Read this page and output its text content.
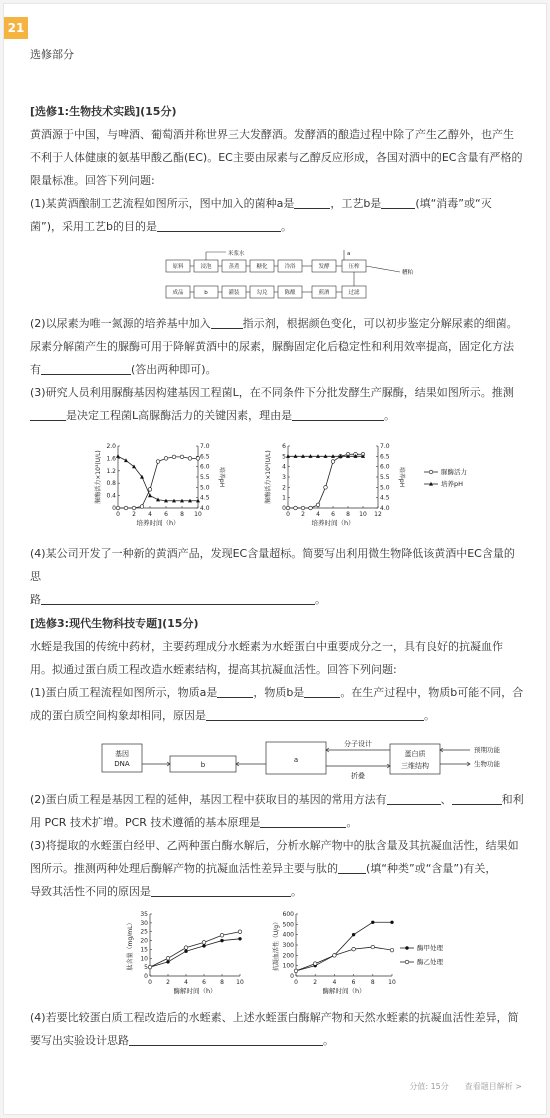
21
选修部分

[选修1:生物技术实践](15分)

黄酒源于中国，与啤酒、葡萄酒并称世界三大发酵酒。发酵酒的酿造过程中除了产生乙醇外，也产生

不利于人体健康的氨基甲酸乙酯(EC)。EC主要由尿素与乙醇反应形成，各国对酒中的EC含量有严格的

限量标准。回答下列问题:

(1)某黄酒酿制工艺流程如图所示，图中加入的菌种a是	，工艺b是	(填“消毒”或“灭

菌”)，采用工艺b的目的是	。

原料	浸泡	蒸煮	糖化	冷浴	发酵	压榨
成品	b	灌装	勾兑	陈酿	煎酒	过滤
米浆水	a
糟粕

(2)以尿素为唯一氮源的培养基中加入	指示剂，根据颜色变化，可以初步鉴定分解尿素的细菌。

尿素分解菌产生的脲酶可用于降解黄酒中的尿素，脲酶固定化后稳定性和利用效率提高，固定化方法

有	(答出两种即可)。

(3)研究人员利用脲酶基因构建基因工程菌L，在不同条件下分批发酵生产脲酶，结果如图所示。推测

是决定工程菌L高脲酶活力的关键因素，理由是	。

2.0
1.6
1.2
0.8
0.4
0
7.0
6.5
6.0
5.5
5.0
4.5
4.0
0 2 4 6 8 10
培养时间（h）
脲酶活力×10³(U/L)	培养pH
6
5
4
3
2
1
0
7.0
6.5
6.0
5.5
5.0
4.5
4.0
0 2 4 6 8 10 12
培养时间（h）
脲酶活力×10³(U/L)	培养pH	脲酶活力
培养pH

(4)某公司开发了一种新的黄酒产品，发现EC含量超标。简要写出利用微生物降低该黄酒中EC含量的思

路	。

[选修3:现代生物科技专题](15分)

水蛭是我国的传统中药材，主要药理成分水蛭素为水蛭蛋白中重要成分之一，具有良好的抗凝血作

用。拟通过蛋白质工程改造水蛭素结构，提高其抗凝血活性。回答下列问题:

(1)蛋白质工程流程如图所示，物质a是	，物质b是	。在生产过程中，物质b可能不同，合

成的蛋白质空间构象却相同，原因是	。

基因
DNA	b
a
分子设计
折叠
蛋白质
三维结构
预期功能
生物功能

(2)蛋白质工程是基因工程的延伸，基因工程中获取目的基因的常用方法有	、	和利

用 PCR 技术扩增。PCR 技术遵循的基本原理是	。

(3)将提取的水蛭蛋白经甲、乙两种蛋白酶水解后，分析水解产物中的肽含量及其抗凝血活性，结果如

图所示。推测两种处理后酶解产物的抗凝血活性差异主要与肽的	(填“种类”或“含量”)有关，

导致其活性不同的原因是	。

35
30
25
20
15
10
5
0
0 2 4 6 8 10
酶解时间（h）
肽含量（mg/mL）
600
500
400
300
200
100
0
0	2	4	6	8 10
酶解时间（h）
抗凝血活性（U/g）	酶甲处理
酶乙处理

(4)若要比较蛋白质工程改造后的水蛭素、上述水蛭蛋白酶解产物和天然水蛭素的抗凝血活性差异，简

要写出实验设计思路	。

分值: 15分 查看题目解析 >
